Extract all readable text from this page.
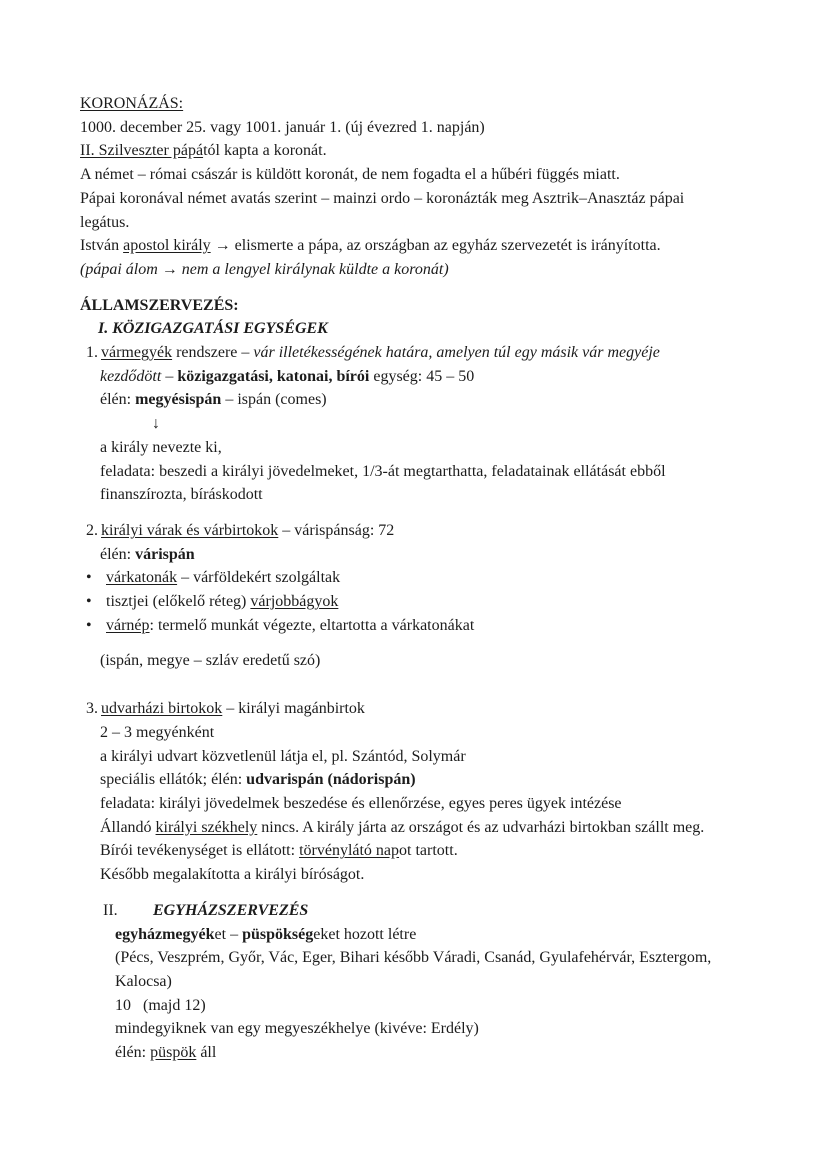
KORONÁZÁS:
1000. december 25. vagy 1001. január 1. (új évezred 1. napján)
II. Szilveszter pápától kapta a koronát.
A német – római császár is küldött koronát, de nem fogadta el a hűbéri függés miatt.
Pápai koronával német avatás szerint – mainzi ordo – koronázták meg Asztrik–Anasztáz pápai
legátus.
István apostol király → elismerte a pápa, az országban az egyház szervezetét is irányította.
(pápai álom → nem a lengyel királynak küldte a koronát)
ÁLLAMSZERVEZÉS:
I. KÖZIGAZGATÁSI EGYSÉGEK
1. vármegyék rendszere – vár illetékességének határa, amelyen túl egy másik vár megyéje
kezdődött – közigazgatási, katonai, bírói egység: 45 – 50
élén: megyésispán – ispán (comes)
↓
a király nevezte ki,
feladata: beszedi a királyi jövedelmeket, 1/3-át megtarthatta, feladatainak ellátását ebből
finanszírozta, bíráskodott
2. királyi várak és várbirtokok – várispánság: 72
élén: várispán
• várkatonák – várföldekért szolgáltak
• tisztjei (előkelő réteg) várjobbágyok
• várnép: termelő munkát végezte, eltartotta a várkatonákat
(ispán, megye – szláv eredetű szó)
3. udvarházi birtokok – királyi magánbirtok
2 – 3 megyénként
a királyi udvart közvetlenül látja el, pl. Szántód, Solymár
speciális ellátók; élén: udvarispán (nádorispán)
feladata: királyi jövedelmek beszedése és ellenőrzése, egyes peres ügyek intézése
Állandó királyi székhely nincs. A király járta az országot és az udvarházi birtokban szállt meg.
Bírói tevékenységet is ellátott: törvénylátó napot tartott.
Később megalakította a királyi bíróságot.
II. EGYHÁZSZERVEZÉS
egyházmegyéket – püspökségeket hozott létre
(Pécs, Veszprém, Győr, Vác, Eger, Bihari később Váradi, Csanád, Gyulafehérvár, Esztergom,
Kalocsa)
10 (majd 12)
mindegyiknek van egy megyeszékhelye (kivéve: Erdély)
élén: püspök áll
